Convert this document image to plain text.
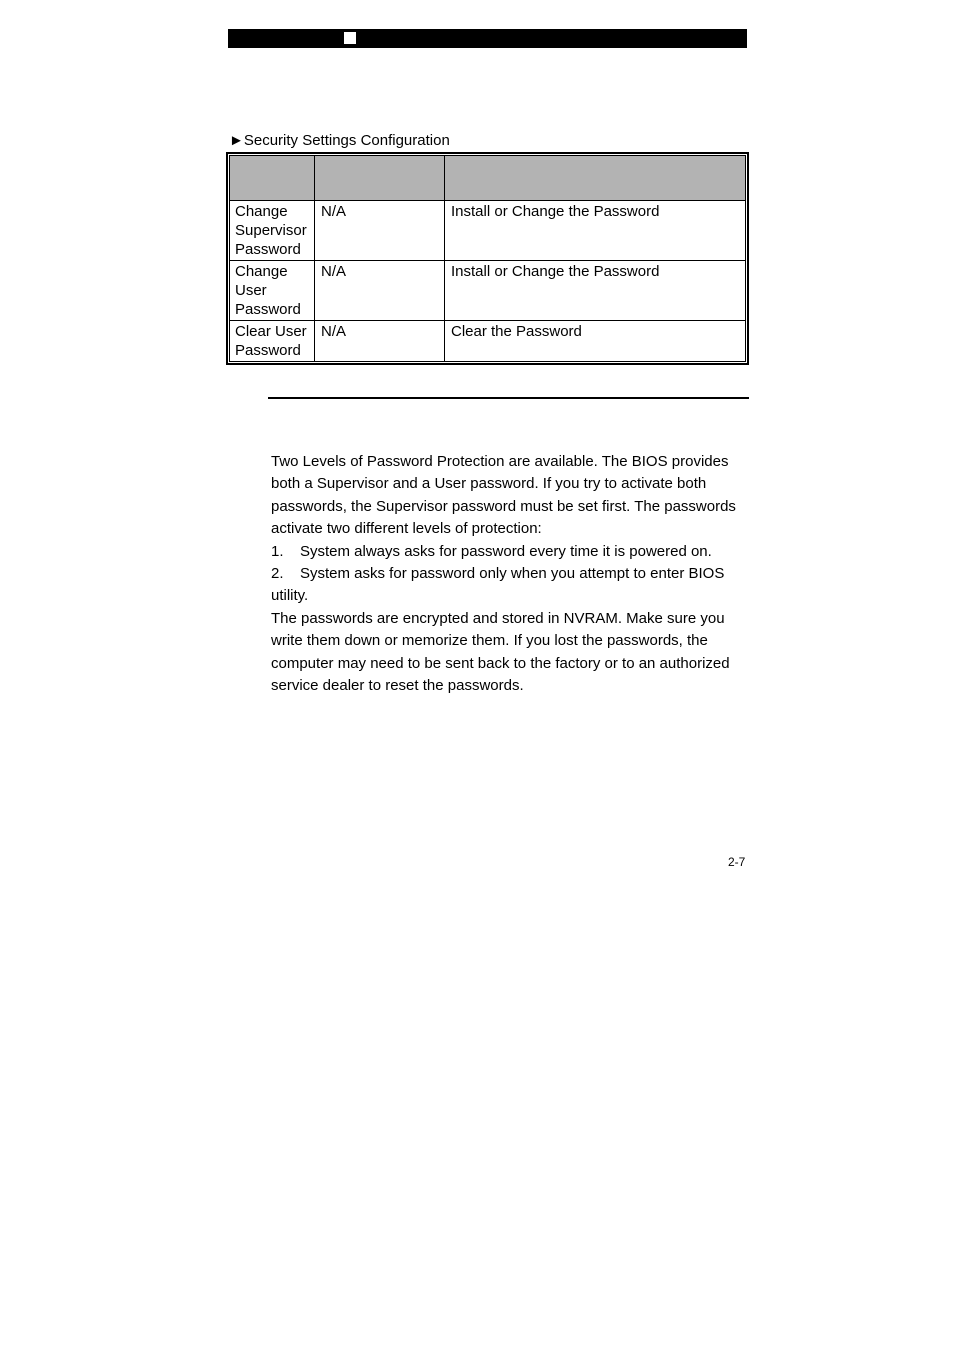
►Security Settings Configuration

Change Supervisor Password	N/A	Install or Change the Password
Change User Password	N/A	Install or Change the Password
Clear User Password	N/A	Clear the Password

Two Levels of Password Protection are available. The BIOS provides both a Supervisor and a User password. If you try to activate both passwords, the Supervisor password must be set first. The passwords activate two different levels of protection:

1.	System always asks for password every time it is powered on.

2. System asks for password only when you attempt to enter BIOS utility.

The passwords are encrypted and stored in NVRAM. Make sure you write them down or memorize them. If you lost the passwords, the computer may need to be sent back to the factory or to an authorized service dealer to reset the passwords.

2-7
